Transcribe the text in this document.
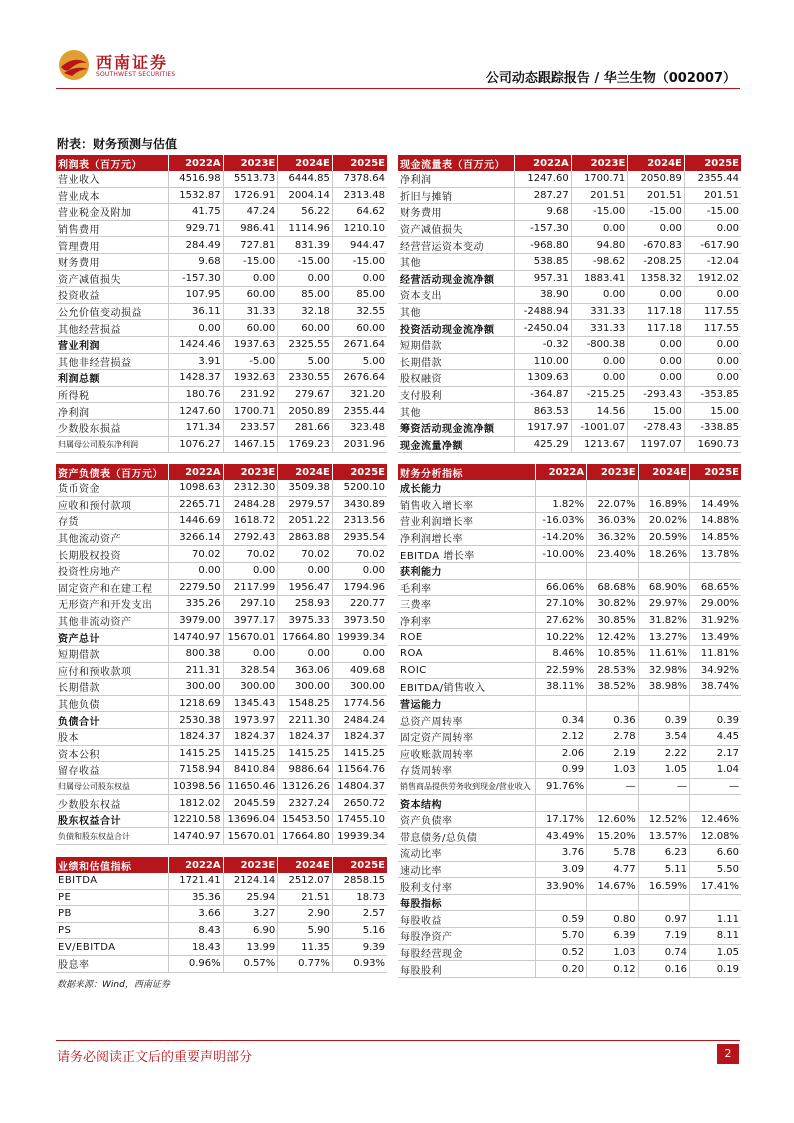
西南证券
SOUTHWEST SECURITIES	公司动态跟踪报告 / 华兰生物（002007）
附表：财务预测与估值
利润表（百万元）	2022A	2023E	2024E	2025E
营业收入	4516.98	5513.73	6444.85	7378.64
营业成本	1532.87	1726.91	2004.14	2313.48
营业税金及附加	41.75	47.24	56.22	64.62
销售费用	929.71	986.41	1114.96	1210.10
管理费用	284.49	727.81	831.39	944.47
财务费用	9.68	-15.00	-15.00	-15.00
资产减值损失	-157.30	0.00	0.00	0.00
投资收益	107.95	60.00	85.00	85.00
公允价值变动损益	36.11	31.33	32.18	32.55
其他经营损益	0.00	60.00	60.00	60.00
营业利润	1424.46	1937.63	2325.55	2671.64
其他非经营损益	3.91	-5.00	5.00	5.00
利润总额	1428.37	1932.63	2330.55	2676.64
所得税	180.76	231.92	279.67	321.20
净利润	1247.60	1700.71	2050.89	2355.44
少数股东损益	171.34	233.57	281.66	323.48
归属母公司股东净利润	1076.27	1467.15	1769.23	2031.96
现金流量表（百万元）	2022A	2023E	2024E	2025E
净利润	1247.60	1700.71	2050.89	2355.44
折旧与摊销	287.27	201.51	201.51	201.51
财务费用	9.68	-15.00	-15.00	-15.00
资产减值损失	-157.30	0.00	0.00	0.00
经营营运资本变动	-968.80	94.80	-670.83	-617.90
其他	538.85	-98.62	-208.25	-12.04
经营活动现金流净额	957.31	1883.41	1358.32	1912.02
资本支出	38.90	0.00	0.00	0.00
其他	-2488.94	331.33	117.18	117.55
投资活动现金流净额	-2450.04	331.33	117.18	117.55
短期借款	-0.32	-800.38	0.00	0.00
长期借款	110.00	0.00	0.00	0.00
股权融资	1309.63	0.00	0.00	0.00
支付股利	-364.87	-215.25	-293.43	-353.85
其他	863.53	14.56	15.00	15.00
筹资活动现金流净额	1917.97	-1001.07	-278.43	-338.85
现金流量净额	425.29	1213.67	1197.07	1690.73
资产负债表（百万元）	2022A	2023E	2024E	2025E
货币资金	1098.63	2312.30	3509.38	5200.10
应收和预付款项	2265.71	2484.28	2979.57	3430.89
存货	1446.69	1618.72	2051.22	2313.56
其他流动资产	3266.14	2792.43	2863.88	2935.54
长期股权投资	70.02	70.02	70.02	70.02
投资性房地产	0.00	0.00	0.00	0.00
固定资产和在建工程	2279.50	2117.99	1956.47	1794.96
无形资产和开发支出	335.26	297.10	258.93	220.77
其他非流动资产	3979.00	3977.17	3975.33	3973.50
资产总计	14740.97	15670.01	17664.80	19939.34
短期借款	800.38	0.00	0.00	0.00
应付和预收款项	211.31	328.54	363.06	409.68
长期借款	300.00	300.00	300.00	300.00
其他负债	1218.69	1345.43	1548.25	1774.56
负债合计	2530.38	1973.97	2211.30	2484.24
股本	1824.37	1824.37	1824.37	1824.37
资本公积	1415.25	1415.25	1415.25	1415.25
留存收益	7158.94	8410.84	9886.64	11564.76
归属母公司股东权益	10398.56	11650.46	13126.26	14804.37
少数股东权益	1812.02	2045.59	2327.24	2650.72
股东权益合计	12210.58	13696.04	15453.50	17455.10
负债和股东权益合计	14740.97	15670.01	17664.80	19939.34
财务分析指标	2022A	2023E	2024E	2025E
成长能力				
销售收入增长率	1.82%	22.07%	16.89%	14.49%
营业利润增长率	-16.03%	36.03%	20.02%	14.88%
净利润增长率	-14.20%	36.32%	20.59%	14.85%
EBITDA 增长率	-10.00%	23.40%	18.26%	13.78%
获利能力				
毛利率	66.06%	68.68%	68.90%	68.65%
三费率	27.10%	30.82%	29.97%	29.00%
净利率	27.62%	30.85%	31.82%	31.92%
ROE	10.22%	12.42%	13.27%	13.49%
ROA	8.46%	10.85%	11.61%	11.81%
ROIC	22.59%	28.53%	32.98%	34.92%
EBITDA/销售收入	38.11%	38.52%	38.98%	38.74%
营运能力				
总资产周转率	0.34	0.36	0.39	0.39
固定资产周转率	2.12	2.78	3.54	4.45
应收账款周转率	2.06	2.19	2.22	2.17
存货周转率	0.99	1.03	1.05	1.04
销售商品提供劳务收到现金/营业收入	91.76%	—	—	—
资本结构				
资产负债率	17.17%	12.60%	12.52%	12.46%
带息债务/总负债	43.49%	15.20%	13.57%	12.08%
流动比率	3.76	5.78	6.23	6.60
速动比率	3.09	4.77	5.11	5.50
股利支付率	33.90%	14.67%	16.59%	17.41%
每股指标				
每股收益	0.59	0.80	0.97	1.11
每股净资产	5.70	6.39	7.19	8.11
每股经营现金	0.52	1.03	0.74	1.05
每股股利	0.20	0.12	0.16	0.19
业绩和估值指标	2022A	2023E	2024E	2025E
EBITDA	1721.41	2124.14	2512.07	2858.15
PE	35.36	25.94	21.51	18.73
PB	3.66	3.27	2.90	2.57
PS	8.43	6.90	5.90	5.16
EV/EBITDA	18.43	13.99	11.35	9.39
股息率	0.96%	0.57%	0.77%	0.93%
数据来源：Wind，西南证券
请务必阅读正文后的重要声明部分	2
